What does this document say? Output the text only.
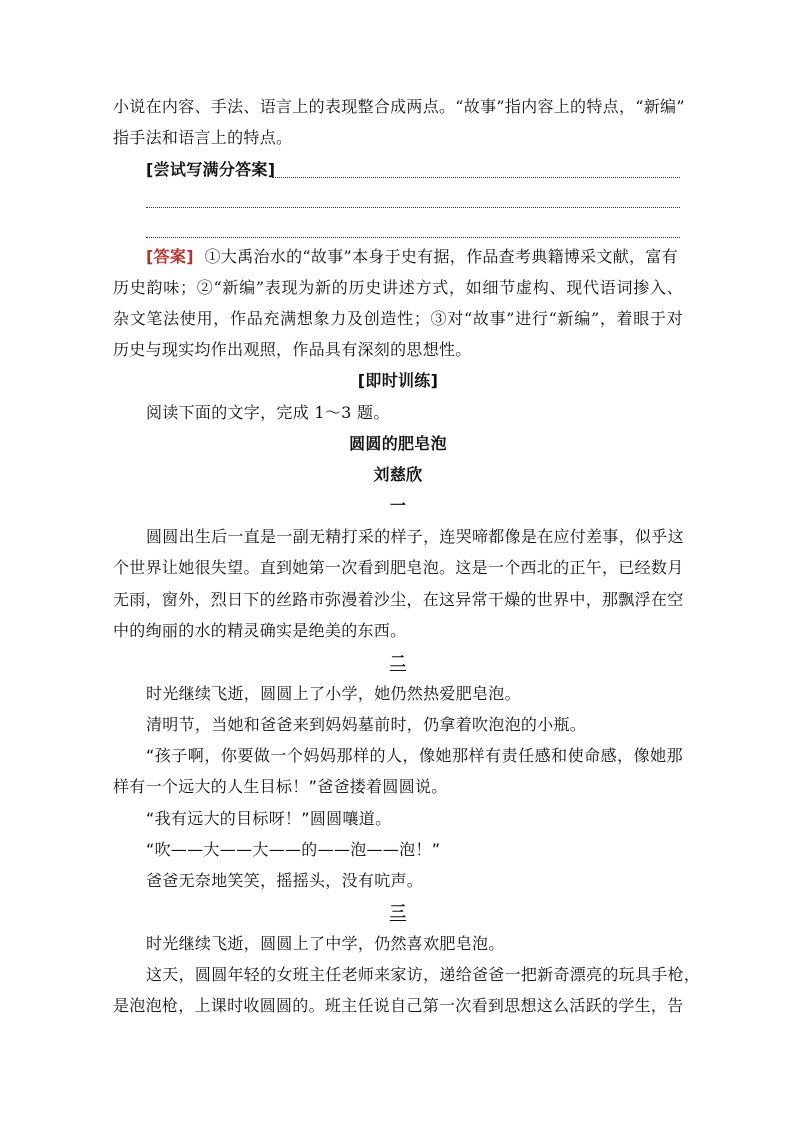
小说在内容、手法、语言上的表现整合成两点。“故事”指内容上的特点，“新编”
指手法和语言上的特点。
[尝试写满分答案]
[答案] ①大禹治水的“故事”本身于史有据，作品查考典籍博采文献，富有
历史韵味；②“新编”表现为新的历史讲述方式，如细节虚构、现代语词掺入、
杂文笔法使用，作品充满想象力及创造性；③对“故事”进行“新编”，着眼于对
历史与现实均作出观照，作品具有深刻的思想性。
[即时训练]
阅读下面的文字，完成 1～3 题。
圆圆的肥皂泡
刘慈欣
一
圆圆出生后一直是一副无精打采的样子，连哭啼都像是在应付差事，似乎这
个世界让她很失望。直到她第一次看到肥皂泡。这是一个西北的正午，已经数月
无雨，窗外，烈日下的丝路市弥漫着沙尘，在这异常干燥的世界中，那飘浮在空
中的绚丽的水的精灵确实是绝美的东西。
二
时光继续飞逝，圆圆上了小学，她仍然热爱肥皂泡。
清明节，当她和爸爸来到妈妈墓前时，仍拿着吹泡泡的小瓶。
“孩子啊，你要做一个妈妈那样的人，像她那样有责任感和使命感，像她那
样有一个远大的人生目标！”爸爸搂着圆圆说。
“我有远大的目标呀！”圆圆嚷道。
“吹——大——大——的——泡——泡！”
爸爸无奈地笑笑，摇摇头，没有吭声。
三
时光继续飞逝，圆圆上了中学，仍然喜欢肥皂泡。
这天，圆圆年轻的女班主任老师来家访，递给爸爸一把新奇漂亮的玩具手枪，
是泡泡枪，上课时收圆圆的。班主任说自己第一次看到思想这么活跃的学生，告
